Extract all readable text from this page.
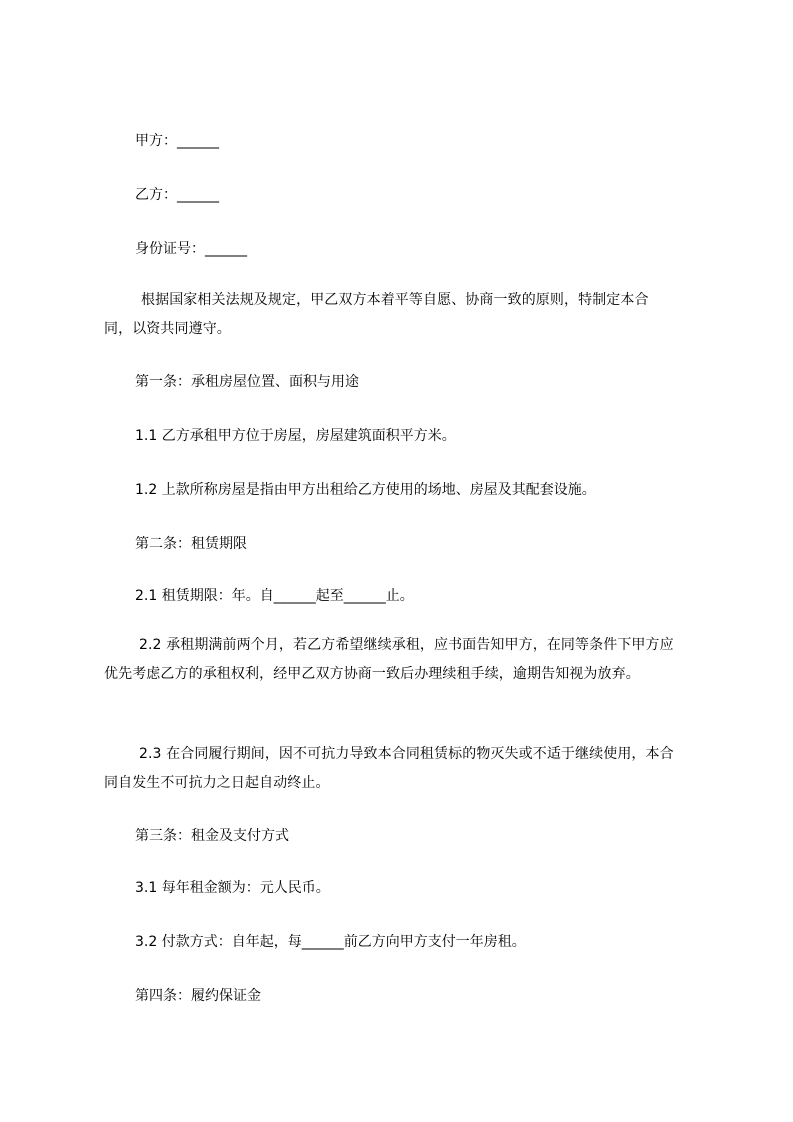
甲方：______
乙方：______
身份证号：______
根据国家相关法规及规定，甲乙双方本着平等自愿、协商一致的原则，特制定本合同，以资共同遵守。
第一条：承租房屋位置、面积与用途
1.1 乙方承租甲方位于房屋，房屋建筑面积平方米。
1.2 上款所称房屋是指由甲方出租给乙方使用的场地、房屋及其配套设施。
第二条：租赁期限
2.1 租赁期限：年。自______起至______止。
2.2 承租期满前两个月，若乙方希望继续承租，应书面告知甲方，在同等条件下甲方应优先考虑乙方的承租权利，经甲乙双方协商一致后办理续租手续，逾期告知视为放弃。
2.3 在合同履行期间，因不可抗力导致本合同租赁标的物灭失或不适于继续使用，本合同自发生不可抗力之日起自动终止。
第三条：租金及支付方式
3.1 每年租金额为：元人民币。
3.2 付款方式：自年起，每______前乙方向甲方支付一年房租。
第四条：履约保证金
